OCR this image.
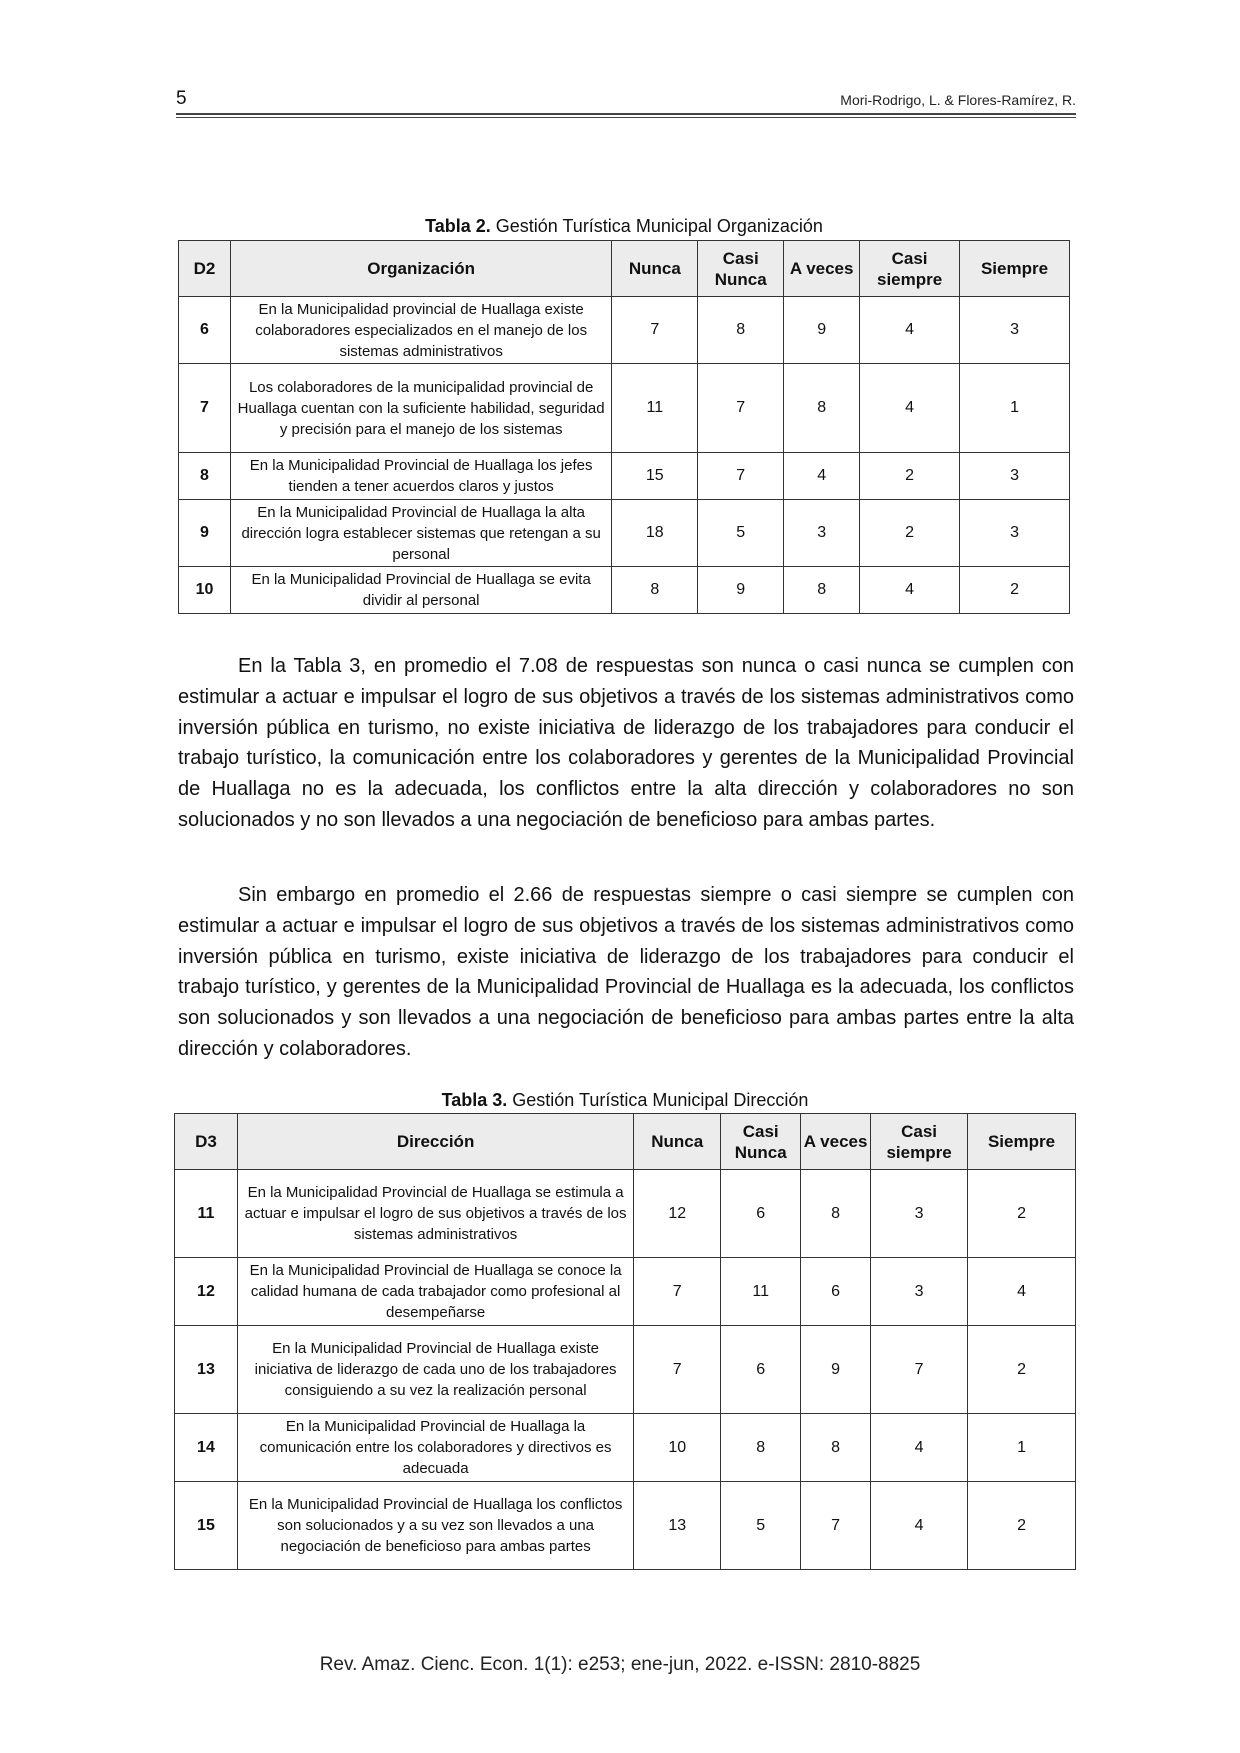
5	Mori-Rodrigo, L. & Flores-Ramírez, R.
Tabla 2. Gestión Turística Municipal Organización
D2	Organización	Nunca	Casi Nunca	A veces	Casi siempre	Siempre
6	En la Municipalidad provincial de Huallaga existe colaboradores especializados en el manejo de los sistemas administrativos	7	8	9	4	3
7	Los colaboradores de la municipalidad provincial de Huallaga cuentan con la suficiente habilidad, seguridad y precisión para el manejo de los sistemas	11	7	8	4	1
8	En la Municipalidad Provincial de Huallaga los jefes tienden a tener acuerdos claros y justos	15	7	4	2	3
9	En la Municipalidad Provincial de Huallaga la alta dirección logra establecer sistemas que retengan a su personal	18	5	3	2	3
10	En la Municipalidad Provincial de Huallaga se evita dividir al personal	8	9	8	4	2

En la Tabla 3, en promedio el 7.08 de respuestas son nunca o casi nunca se cumplen con estimular a actuar e impulsar el logro de sus objetivos a través de los sistemas administrativos como inversión pública en turismo, no existe iniciativa de liderazgo de los trabajadores para conducir el trabajo turístico, la comunicación entre los colaboradores y gerentes de la Municipalidad Provincial de Huallaga no es la adecuada, los conflictos entre la alta dirección y colaboradores no son solucionados y no son llevados a una negociación de beneficioso para ambas partes.

Sin embargo en promedio el 2.66 de respuestas siempre o casi siempre se cumplen con estimular a actuar e impulsar el logro de sus objetivos a través de los sistemas administrativos como inversión pública en turismo, existe iniciativa de liderazgo de los trabajadores para conducir el trabajo turístico, y gerentes de la Municipalidad Provincial de Huallaga es la adecuada, los conflictos son solucionados y son llevados a una negociación de beneficioso para ambas partes entre la alta dirección y colaboradores.

Tabla 3. Gestión Turística Municipal Dirección
D3	Dirección	Nunca	Casi Nunca	A veces	Casi siempre	Siempre
11	En la Municipalidad Provincial de Huallaga se estimula a actuar e impulsar el logro de sus objetivos a través de los sistemas administrativos	12	6	8	3	2
12	En la Municipalidad Provincial de Huallaga se conoce la calidad humana de cada trabajador como profesional al desempeñarse	7	11	6	3	4
13	En la Municipalidad Provincial de Huallaga existe iniciativa de liderazgo de cada uno de los trabajadores consiguiendo a su vez la realización personal	7	6	9	7	2
14	En la Municipalidad Provincial de Huallaga la comunicación entre los colaboradores y directivos es adecuada	10	8	8	4	1
15	En la Municipalidad Provincial de Huallaga los conflictos son solucionados y a su vez son llevados a una negociación de beneficioso para ambas partes	13	5	7	4	2
Rev. Amaz. Cienc. Econ. 1(1): e253; ene-jun, 2022. e-ISSN: 2810-8825
